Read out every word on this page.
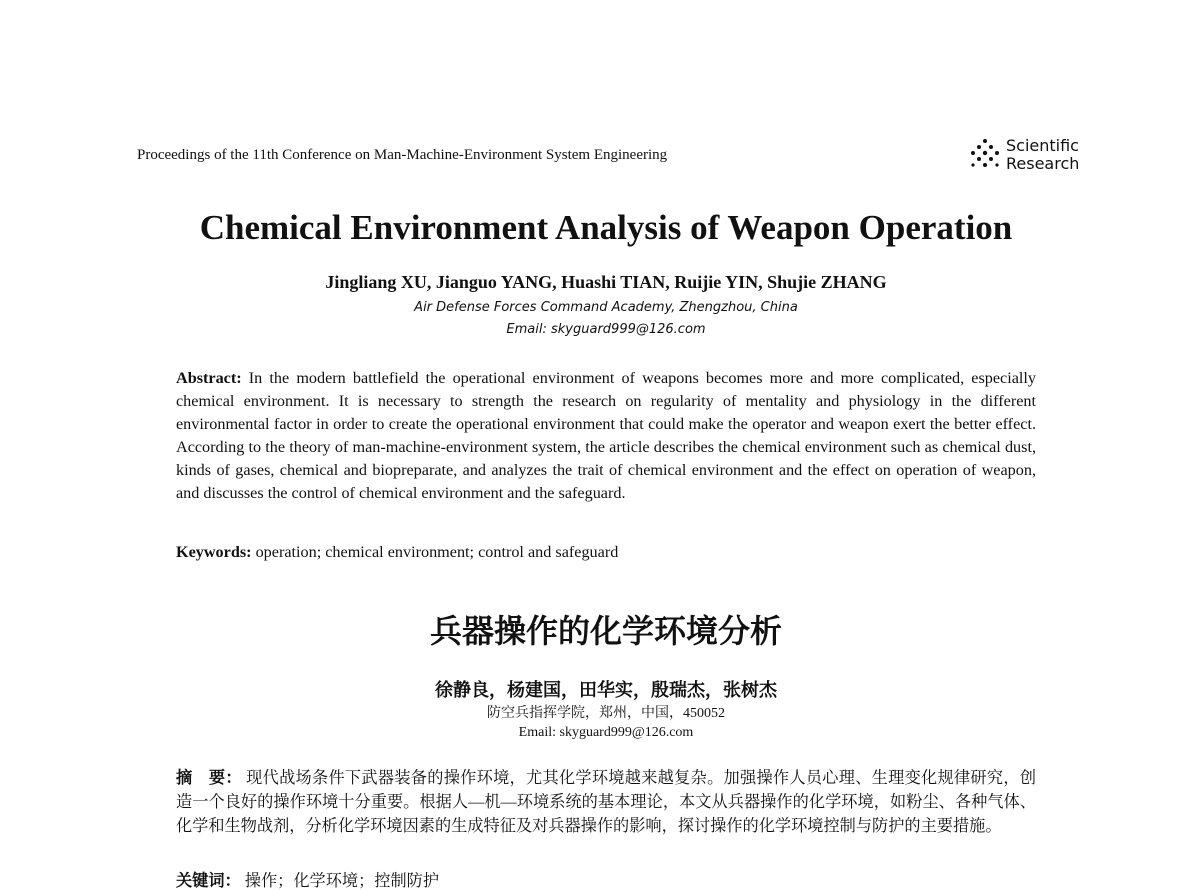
Proceedings of the 11th Conference on Man-Machine-Environment System Engineering	Scientific
Research
Chemical Environment Analysis of Weapon Operation
Jingliang XU, Jianguo YANG, Huashi TIAN, Ruijie YIN, Shujie ZHANG
Air Defense Forces Command Academy, Zhengzhou, China
Email: skyguard999@126.com
Abstract: In the modern battlefield the operational environment of weapons becomes more and more complicated, especially chemical environment. It is necessary to strength the research on regularity of mentality and physiology in the different environmental factor in order to create the operational environment that could make the operator and weapon exert the better effect. According to the theory of man-machine-environment system, the article describes the chemical environment such as chemical dust, kinds of gases, chemical and biopreparate, and analyzes the trait of chemical environment and the effect on operation of weapon, and discusses the control of chemical environment and the safeguard.
Keywords: operation; chemical environment; control and safeguard
兵器操作的化学环境分析
徐静良，杨建国，田华实，殷瑞杰，张树杰
防空兵指挥学院，郑州，中国，450052
Email: skyguard999@126.com
摘　要： 现代战场条件下武器装备的操作环境，尤其化学环境越来越复杂。加强操作人员心理、生理变化规律研究，创造一个良好的操作环境十分重要。根据人—机—环境系统的基本理论，本文从兵器操作的化学环境，如粉尘、各种气体、化学和生物战剂，分析化学环境因素的生成特征及对兵器操作的影响，探讨操作的化学环境控制与防护的主要措施。
关键词： 操作；化学环境；控制防护
